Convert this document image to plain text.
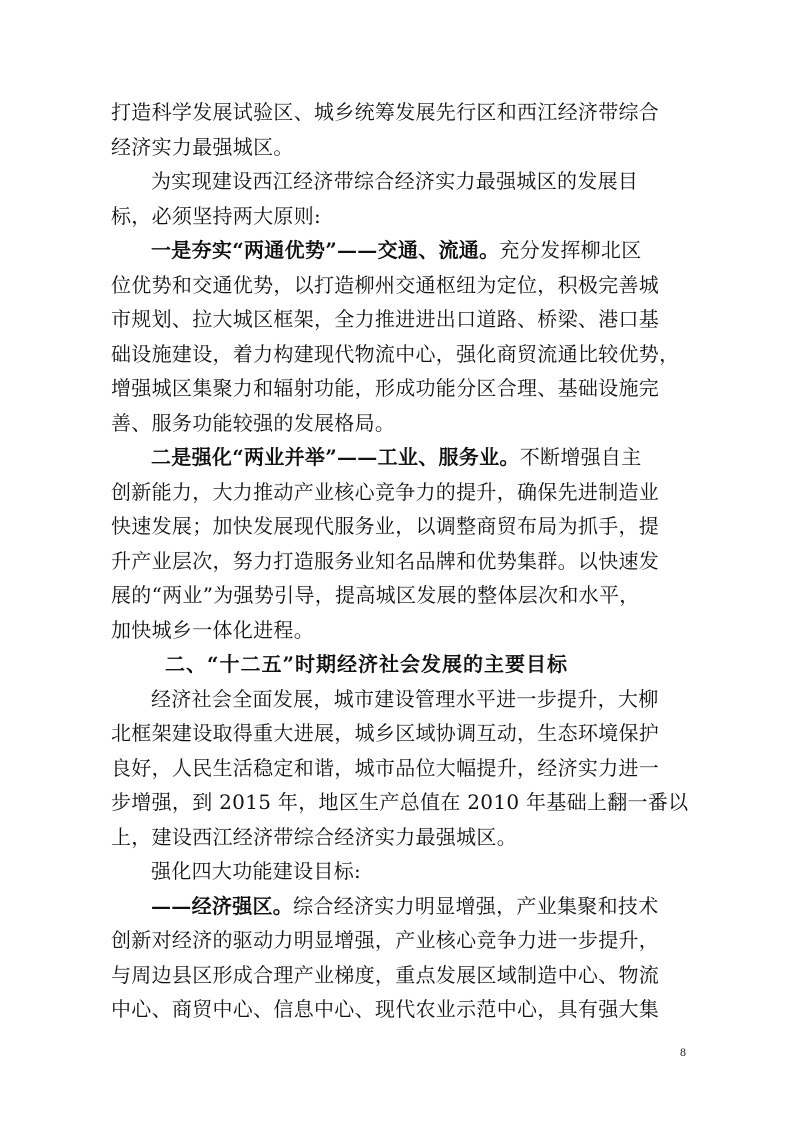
打造科学发展试验区、城乡统筹发展先行区和西江经济带综合
经济实力最强城区。
为实现建设西江经济带综合经济实力最强城区的发展目
标，必须坚持两大原则:
一是夯实“两通优势”——交通、流通。充分发挥柳北区
位优势和交通优势，以打造柳州交通枢纽为定位，积极完善城
市规划、拉大城区框架，全力推进进出口道路、桥梁、港口基
础设施建设，着力构建现代物流中心，强化商贸流通比较优势，
增强城区集聚力和辐射功能，形成功能分区合理、基础设施完
善、服务功能较强的发展格局。
二是强化“两业并举”——工业、服务业。不断增强自主
创新能力，大力推动产业核心竞争力的提升，确保先进制造业
快速发展；加快发展现代服务业，以调整商贸布局为抓手，提
升产业层次，努力打造服务业知名品牌和优势集群。以快速发
展的“两业”为强势引导，提高城区发展的整体层次和水平，
加快城乡一体化进程。
二、“十二五”时期经济社会发展的主要目标
经济社会全面发展，城市建设管理水平进一步提升，大柳
北框架建设取得重大进展，城乡区域协调互动，生态环境保护
良好，人民生活稳定和谐，城市品位大幅提升，经济实力进一
步增强，到 2015 年，地区生产总值在 2010 年基础上翻一番以
上，建设西江经济带综合经济实力最强城区。
强化四大功能建设目标:
——经济强区。综合经济实力明显增强，产业集聚和技术
创新对经济的驱动力明显增强，产业核心竞争力进一步提升，
与周边县区形成合理产业梯度，重点发展区域制造中心、物流
中心、商贸中心、信息中心、现代农业示范中心，具有强大集
8
